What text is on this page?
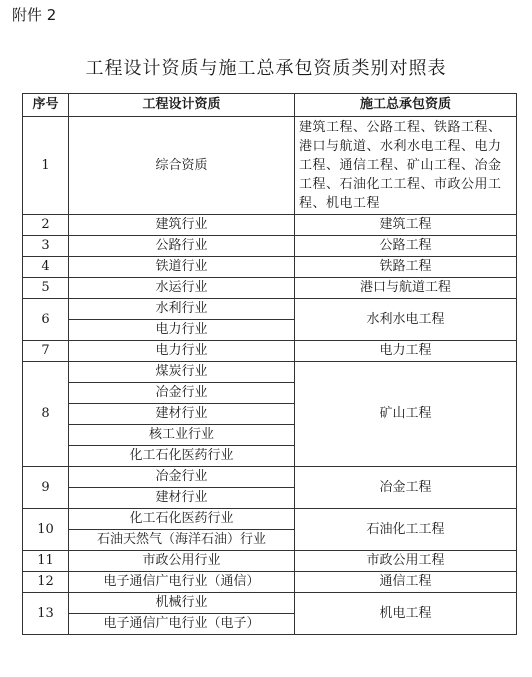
附件 2
工程设计资质与施工总承包资质类别对照表
序号	工程设计资质	施工总承包资质
1	综合资质	建筑工程、公路工程、铁路工程、港口与航道、水利水电工程、电力工程、通信工程、矿山工程、冶金工程、石油化工工程、市政公用工程、机电工程
2	建筑行业	建筑工程
3	公路行业	公路工程
4	铁道行业	铁路工程
5	水运行业	港口与航道工程
6	水利行业	水利水电工程
	电力行业	
7	电力行业	电力工程
8	煤炭行业	矿山工程
	冶金行业	
	建材行业	
	核工业行业	
	化工石化医药行业	
9	冶金行业	冶金工程
	建材行业	
10	化工石化医药行业	石油化工工程
	石油天然气（海洋石油）行业	
11	市政公用行业	市政公用工程
12	电子通信广电行业（通信）	通信工程
13	机械行业	机电工程
	电子通信广电行业（电子）	
